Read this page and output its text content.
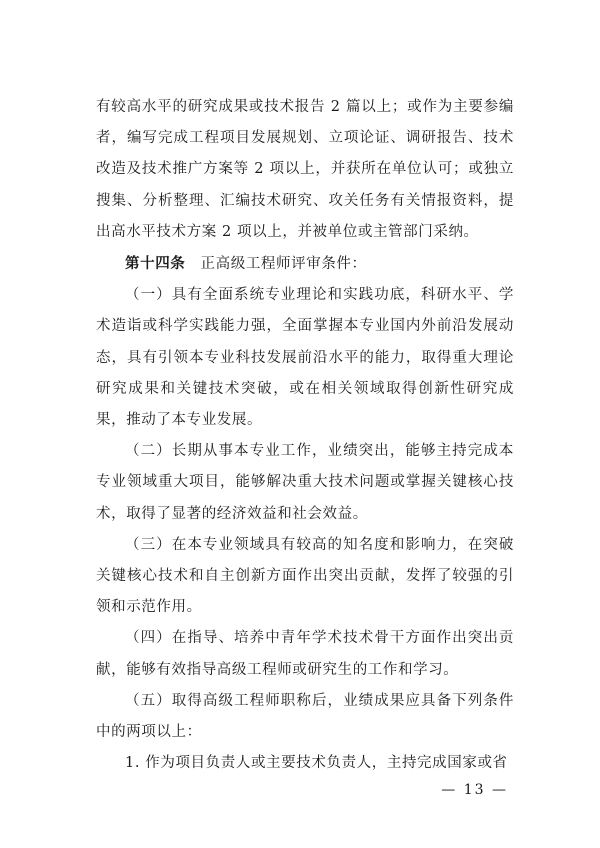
有较高水平的研究成果或技术报告 2 篇以上；或作为主要参编者，编写完成工程项目发展规划、立项论证、调研报告、技术改造及技术推广方案等 2 项以上，并获所在单位认可；或独立搜集、分析整理、汇编技术研究、攻关任务有关情报资料，提出高水平技术方案 2 项以上，并被单位或主管部门采纳。

第十四条  正高级工程师评审条件：

（一）具有全面系统专业理论和实践功底，科研水平、学术造诣或科学实践能力强，全面掌握本专业国内外前沿发展动态，具有引领本专业科技发展前沿水平的能力，取得重大理论研究成果和关键技术突破，或在相关领域取得创新性研究成果，推动了本专业发展。

（二）长期从事本专业工作，业绩突出，能够主持完成本专业领域重大项目，能够解决重大技术问题或掌握关键核心技术，取得了显著的经济效益和社会效益。

（三）在本专业领域具有较高的知名度和影响力，在突破关键核心技术和自主创新方面作出突出贡献，发挥了较强的引领和示范作用。

（四）在指导、培养中青年学术技术骨干方面作出突出贡献，能够有效指导高级工程师或研究生的工作和学习。

（五）取得高级工程师职称后，业绩成果应具备下列条件中的两项以上：

1. 作为项目负责人或主要技术负责人，主持完成国家或省

— 13 —
